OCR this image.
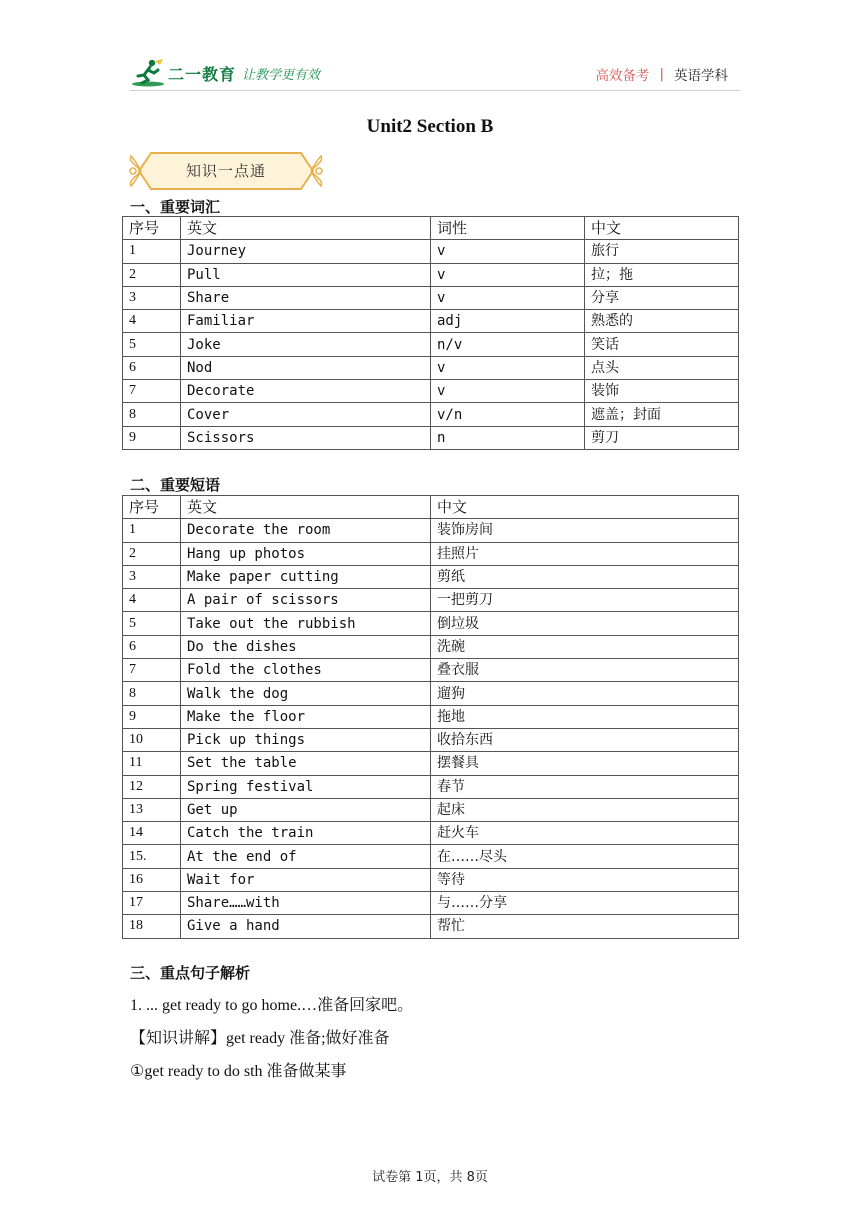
二一教育 让教学更有效	高效备考 | 英语学科
Unit2 Section B
知识一点通
一、重要词汇
序号	英文	词性	中文
1	Journey	v	旅行
2	Pull	v	拉；拖
3	Share	v	分享
4	Familiar	adj	熟悉的
5	Joke	n/v	笑话
6	Nod	v	点头
7	Decorate	v	装饰
8	Cover	v/n	遮盖；封面
9	Scissors	n	剪刀
二、重要短语
序号	英文	中文
1	Decorate the room	装饰房间
2	Hang up photos	挂照片
3	Make paper cutting	剪纸
4	A pair of scissors	一把剪刀
5	Take out the rubbish	倒垃圾
6	Do the dishes	洗碗
7	Fold the clothes	叠衣服
8	Walk the dog	遛狗
9	Make the floor	拖地
10	Pick up things	收拾东西
11	Set the table	摆餐具
12	Spring festival	春节
13	Get up	起床
14	Catch the train	赶火车
15.	At the end of	在……尽头
16	Wait for	等待
17	Share……with	与……分享
18	Give a hand	帮忙
三、重点句子解析
1. ... get ready to go home.…准备回家吧。
【知识讲解】get ready 准备;做好准备
①get ready to do sth 准备做某事
试卷第 1页，共 8页
